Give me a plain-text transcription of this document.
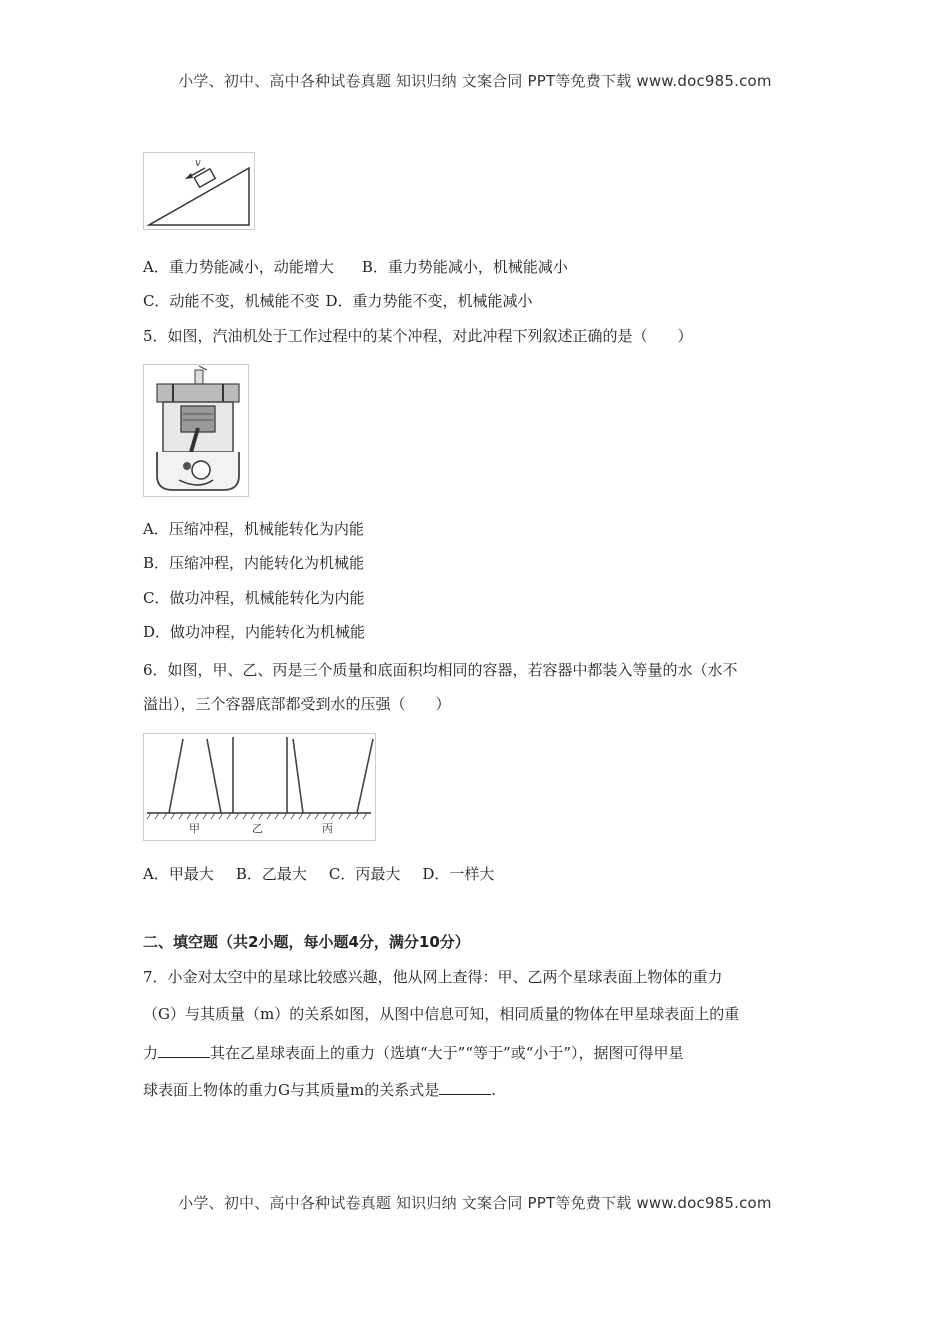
小学、初中、高中各种试卷真题 知识归纳 文案合同 PPT等免费下载 www.doc985.com
v
A．重力势能减小，动能增大 B．重力势能减小，机械能减小
C．动能不变，机械能不变 D．重力势能不变，机械能减小
5．如图，汽油机处于工作过程中的某个冲程，对此冲程下列叙述正确的是（　　）
A．压缩冲程，机械能转化为内能
B．压缩冲程，内能转化为机械能
C．做功冲程，机械能转化为内能
D．做功冲程，内能转化为机械能
6．如图，甲、乙、丙是三个质量和底面积均相同的容器，若容器中都装入等量的水（水不
溢出），三个容器底部都受到水的压强（　　）
甲	乙	丙
A．甲最大 B．乙最大 C．丙最大 D．一样大
二、填空题（共2小题，每小题4分，满分10分）
7．小金对太空中的星球比较感兴趣，他从网上查得：甲、乙两个星球表面上物体的重力
（G）与其质量（m）的关系如图，从图中信息可知，相同质量的物体在甲星球表面上的重
力	其在乙星球表面上的重力（选填“大于”“等于”或“小于”），据图可得甲星
球表面上物体的重力G与其质量m的关系式是	.
小学、初中、高中各种试卷真题 知识归纳 文案合同 PPT等免费下载 www.doc985.com
